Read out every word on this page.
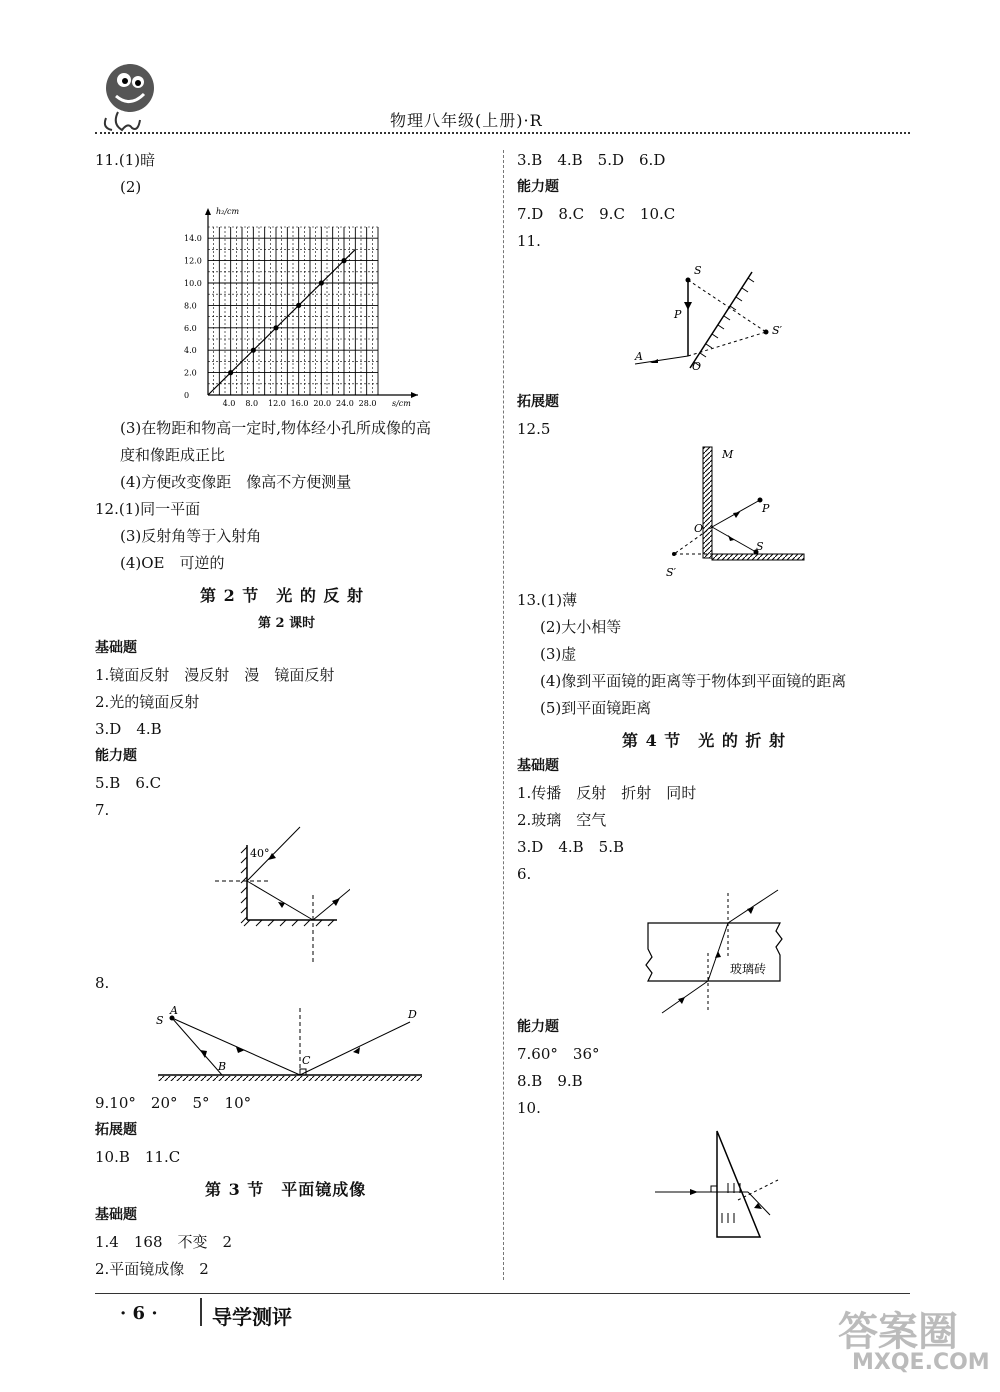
物理八年级(上册)·R
11.(1)暗
(2)
4.0 8.0 12.0 16.0 20.0 24.0 28.0
0
2.0
4.0
6.0
8.0
10.0
12.0
14.0
s/cm
h₂/cm
(3)在物距和物高一定时,物体经小孔所成像的高
度和像距成正比
(4)方便改变像距　像高不方便测量
12.(1)同一平面
(3)反射角等于入射角
(4)OE　可逆的
第 2 节　光 的 反 射
第 2 课时
基础题
1.镜面反射　漫反射　漫　镜面反射
2.光的镜面反射
3.D　4.B
能力题
5.B　6.C
7.
40°
8.
A
S
B	C
D
9.10°　20°　5°　10°
拓展题
10.B　11.C
第 3 节　平面镜成像
基础题
1.4　168　不变　2
2.平面镜成像　2
3.B　4.B　5.D　6.D
能力题
7.D　8.C　9.C　10.C
11.
S
P
S′
A
O
拓展题
12.5
M
O
P
S
S′
13.(1)薄
(2)大小相等
(3)虚
(4)像到平面镜的距离等于物体到平面镜的距离
(5)到平面镜距离
第 4 节　光 的 折 射
基础题
1.传播　反射　折射　同时
2.玻璃　空气
3.D　4.B　5.B
6.
玻璃砖
能力题
7.60°　36°
8.B　9.B
10.
· 6 ·	导学测评	答案圈
MXQE.COM
